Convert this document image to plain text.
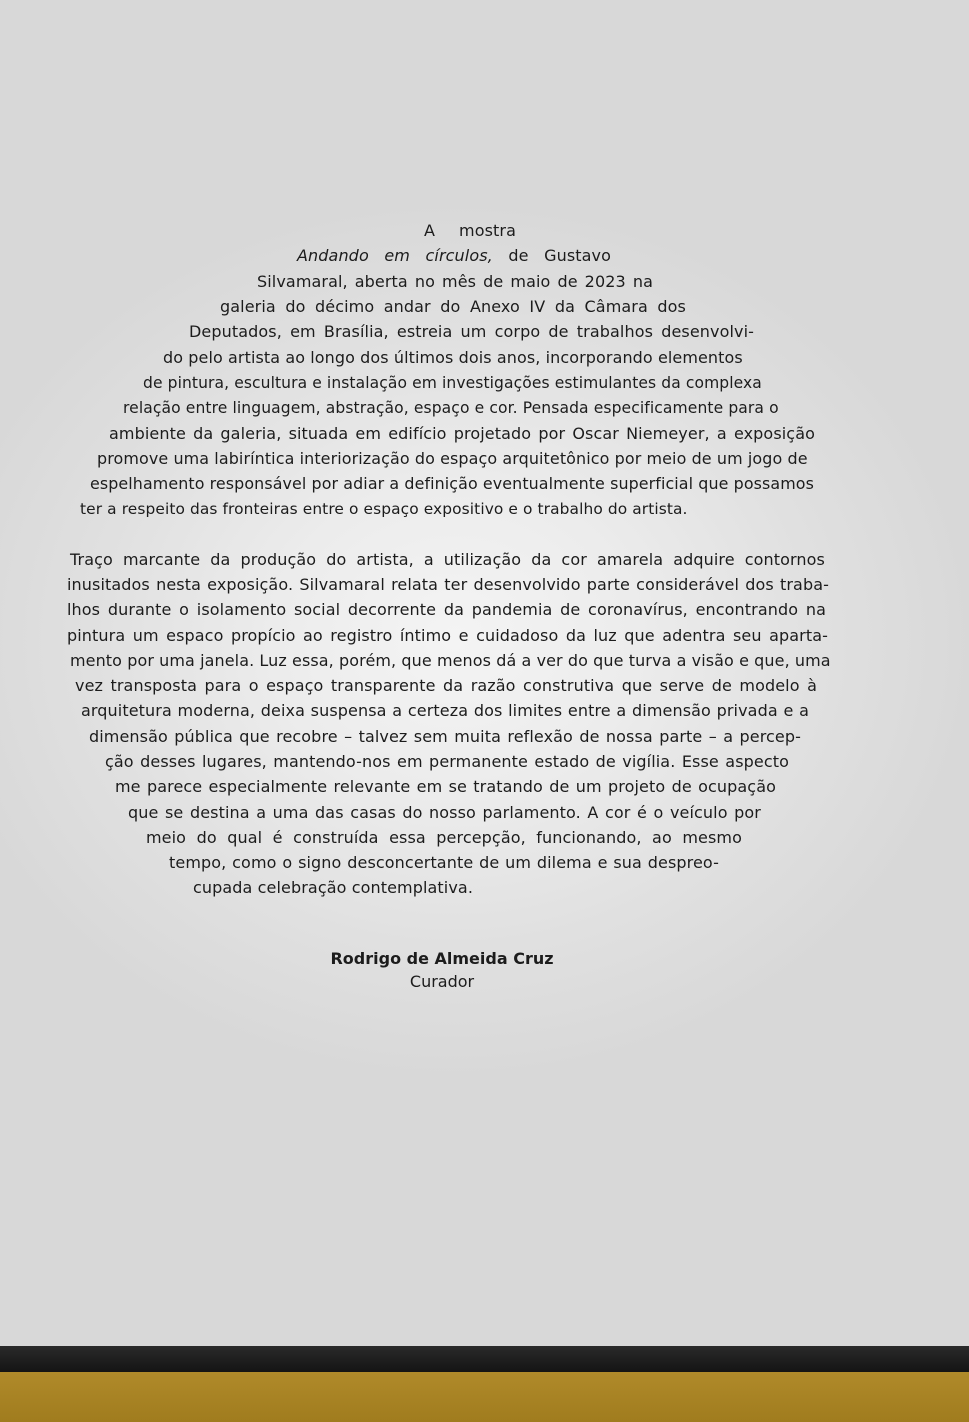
A mostra
Andando em círculos, de Gustavo
Silvamaral, aberta no mês de maio de 2023 na
galeria do décimo andar do Anexo IV da Câmara dos
Deputados, em Brasília, estreia um corpo de trabalhos desenvolvi-
do pelo artista ao longo dos últimos dois anos, incorporando elementos
de pintura, escultura e instalação em investigações estimulantes da complexa
relação entre linguagem, abstração, espaço e cor. Pensada especificamente para o
ambiente da galeria, situada em edifício projetado por Oscar Niemeyer, a exposição
promove uma labiríntica interiorização do espaço arquitetônico por meio de um jogo de
espelhamento responsável por adiar a definição eventualmente superficial que possamos
ter a respeito das fronteiras entre o espaço expositivo e o trabalho do artista.
Traço marcante da produção do artista, a utilização da cor amarela adquire contornos
inusitados nesta exposição. Silvamaral relata ter desenvolvido parte considerável dos traba-
lhos durante o isolamento social decorrente da pandemia de coronavírus, encontrando na
pintura um espaco propício ao registro íntimo e cuidadoso da luz que adentra seu aparta-
mento por uma janela. Luz essa, porém, que menos dá a ver do que turva a visão e que, uma
vez transposta para o espaço transparente da razão construtiva que serve de modelo à
arquitetura moderna, deixa suspensa a certeza dos limites entre a dimensão privada e a
dimensão pública que recobre – talvez sem muita reflexão de nossa parte – a percep-
ção desses lugares, mantendo-nos em permanente estado de vigília. Esse aspecto
me parece especialmente relevante em se tratando de um projeto de ocupação
que se destina a uma das casas do nosso parlamento. A cor é o veículo por
meio do qual é construída essa percepção, funcionando, ao mesmo
tempo, como o signo desconcertante de um dilema e sua despreo-
cupada celebração contemplativa.
Rodrigo de Almeida Cruz
Curador
